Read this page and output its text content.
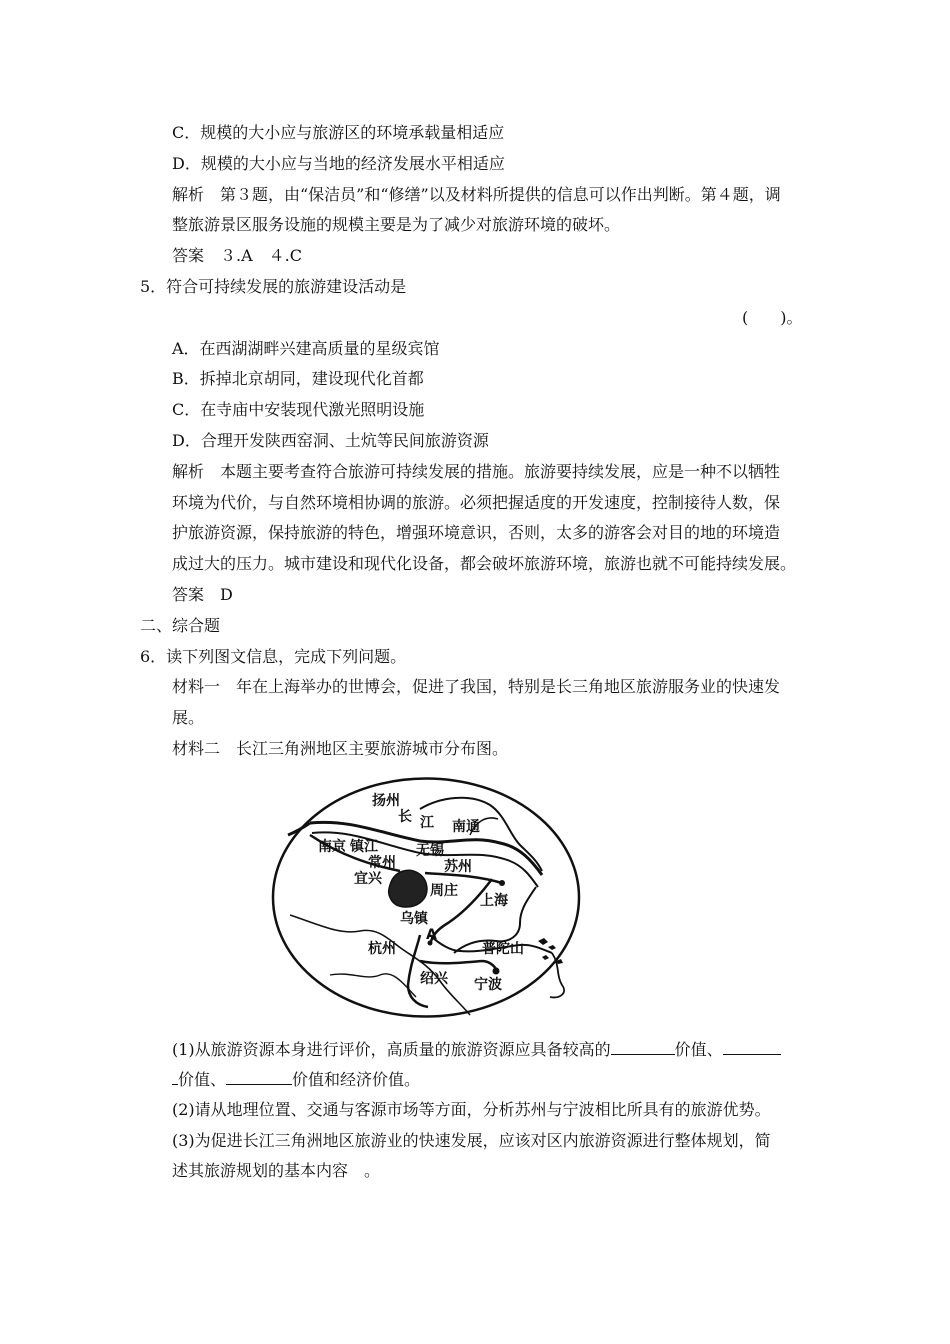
C．规模的大小应与旅游区的环境承载量相适应
D．规模的大小应与当地的经济发展水平相适应
解析　第３题，由“保洁员”和“修缮”以及材料所提供的信息可以作出判断。第４题，调
整旅游景区服务设施的规模主要是为了减少对旅游环境的破坏。
答案　３.A　４.C
5．符合可持续发展的旅游建设活动是
(　　)。
A．在西湖湖畔兴建高质量的星级宾馆
B．拆掉北京胡同，建设现代化首都
C．在寺庙中安装现代激光照明设施
D．合理开发陕西窑洞、土炕等民间旅游资源
解析　本题主要考查符合旅游可持续发展的措施。旅游要持续发展，应是一种不以牺牲
环境为代价，与自然环境相协调的旅游。必须把握适度的开发速度，控制接待人数，保
护旅游资源，保持旅游的特色，增强环境意识，否则，太多的游客会对目的地的环境造
成过大的压力。城市建设和现代化设备，都会破坏旅游环境，旅游也就不可能持续发展。
答案　D
二、综合题
6．读下列图文信息，完成下列问题。
材料一　年在上海举办的世博会，促进了我国，特别是长三角地区旅游服务业的快速发
展。
材料二　长江三角洲地区主要旅游城市分布图。
扬州
长 江 南通
南京 镇江
常州
无锡
苏州
宜兴
周庄
上海
乌镇
A
杭州	普陀山
绍兴 宁波
(1)从旅游资源本身进行评价，高质量的旅游资源应具备较高的	价值、
价值、	价值和经济价值。
(2)请从地理位置、交通与客源市场等方面，分析苏州与宁波相比所具有的旅游优势。
(3)为促进长江三角洲地区旅游业的快速发展，应该对区内旅游资源进行整体规划，简
述其旅游规划的基本内容　。
